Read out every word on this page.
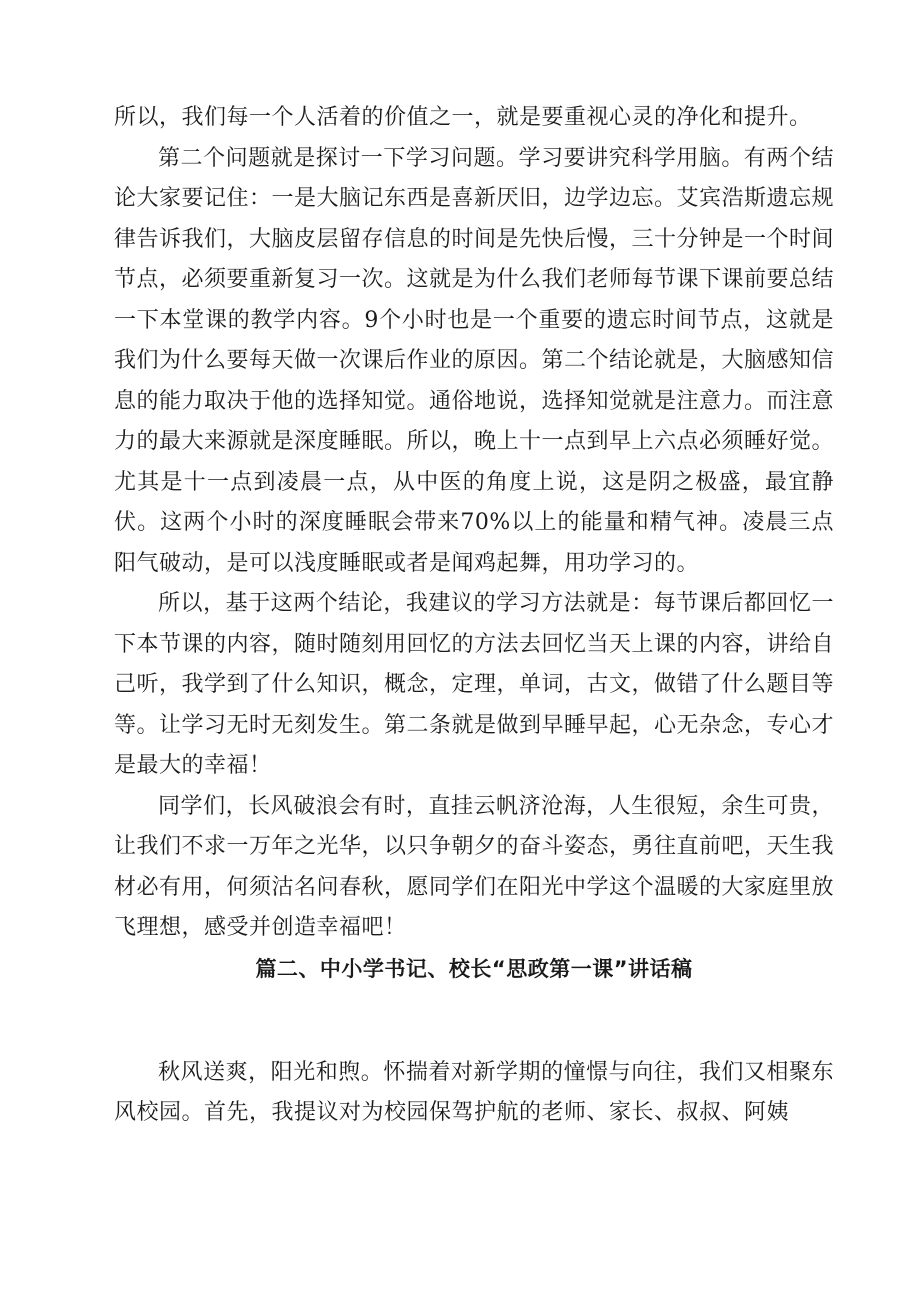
所以，我们每一个人活着的价值之一，就是要重视心灵的净化和提升。

第二个问题就是探讨一下学习问题。学习要讲究科学用脑。有两个结论大家要记住：一是大脑记东西是喜新厌旧，边学边忘。艾宾浩斯遗忘规律告诉我们，大脑皮层留存信息的时间是先快后慢，三十分钟是一个时间节点，必须要重新复习一次。这就是为什么我们老师每节课下课前要总结一下本堂课的教学内容。9个小时也是一个重要的遗忘时间节点，这就是我们为什么要每天做一次课后作业的原因。第二个结论就是，大脑感知信息的能力取决于他的选择知觉。通俗地说，选择知觉就是注意力。而注意力的最大来源就是深度睡眠。所以，晚上十一点到早上六点必须睡好觉。尤其是十一点到凌晨一点，从中医的角度上说，这是阴之极盛，最宜静伏。这两个小时的深度睡眠会带来70%以上的能量和精气神。凌晨三点阳气破动，是可以浅度睡眠或者是闻鸡起舞，用功学习的。

所以，基于这两个结论，我建议的学习方法就是：每节课后都回忆一下本节课的内容，随时随刻用回忆的方法去回忆当天上课的内容，讲给自己听，我学到了什么知识，概念，定理，单词，古文，做错了什么题目等等。让学习无时无刻发生。第二条就是做到早睡早起，心无杂念，专心才是最大的幸福！

同学们，长风破浪会有时，直挂云帆济沧海，人生很短，余生可贵，让我们不求一万年之光华，以只争朝夕的奋斗姿态，勇往直前吧，天生我材必有用，何须沽名问春秋，愿同学们在阳光中学这个温暖的大家庭里放飞理想，感受并创造幸福吧！

篇二、中小学书记、校长“思政第一课”讲话稿

秋风送爽，阳光和煦。怀揣着对新学期的憧憬与向往，我们又相聚东风校园。首先，我提议对为校园保驾护航的老师、家长、叔叔、阿姨
